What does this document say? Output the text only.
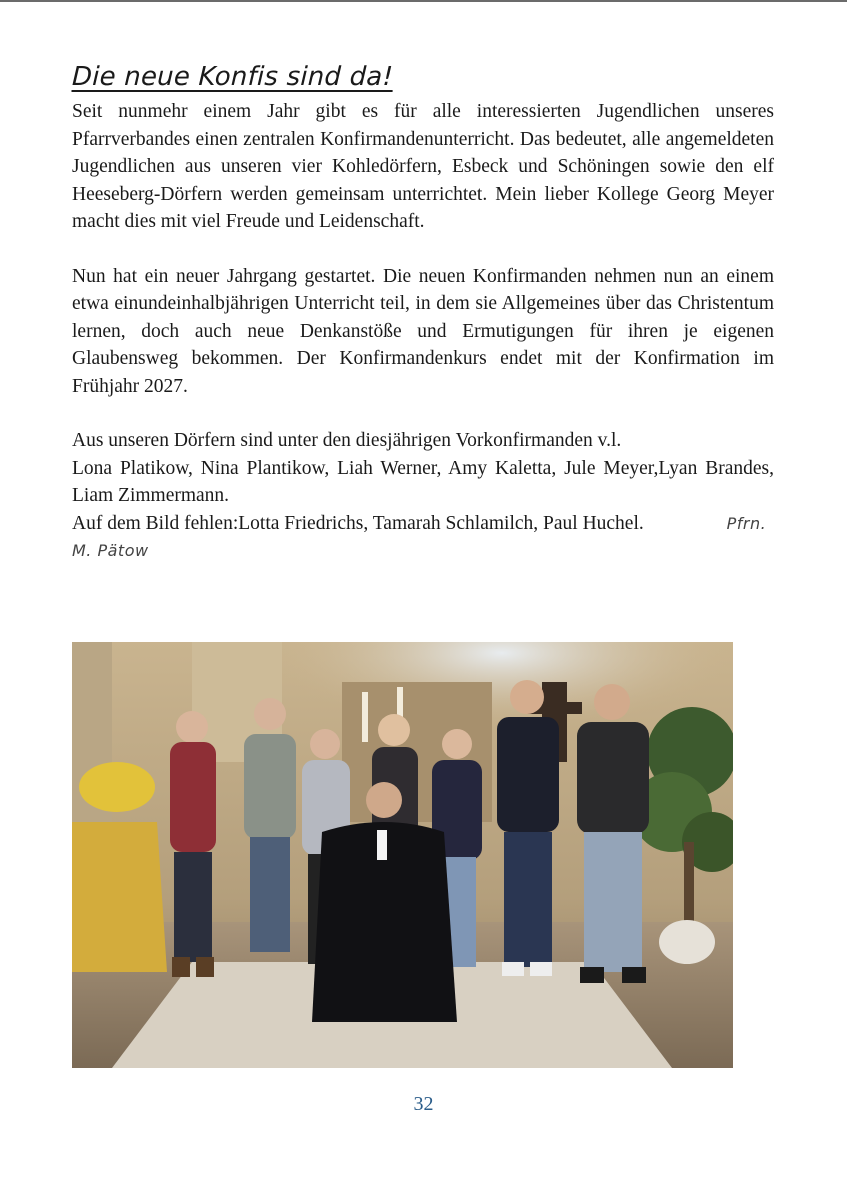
Die neue Konfis sind da!

Seit nunmehr einem Jahr gibt es für alle interessierten Jugendlichen unseres Pfarrverbandes einen zentralen Konfirmandenunterricht. Das bedeutet, alle angemeldeten Jugendlichen aus unseren vier Kohledörfern, Esbeck und Schöningen sowie den elf Heeseberg-Dörfern werden gemeinsam unterrichtet. Mein lieber Kollege Georg Meyer macht dies mit viel Freude und Leidenschaft.

Nun hat ein neuer Jahrgang gestartet. Die neuen Konfirmanden nehmen nun an einem etwa einundeinhalbjährigen Unterricht teil, in dem sie Allgemeines über das Christentum lernen, doch auch neue Denkanstöße und Ermutigungen für ihren je eigenen Glaubensweg bekommen. Der Konfirmandenkurs endet mit der Konfirmation im Frühjahr 2027.

Aus unseren Dörfern sind unter den diesjährigen Vorkonfirmanden v.l.

Lona Platikow, Nina Plantikow, Liah Werner, Amy Kaletta, Jule Meyer,Lyan Brandes, Liam Zimmermann.

Auf dem Bild fehlen:Lotta Friedrichs, Tamarah Schlamilch, Paul Huchel.	Pfrn. M. Pätow

32
